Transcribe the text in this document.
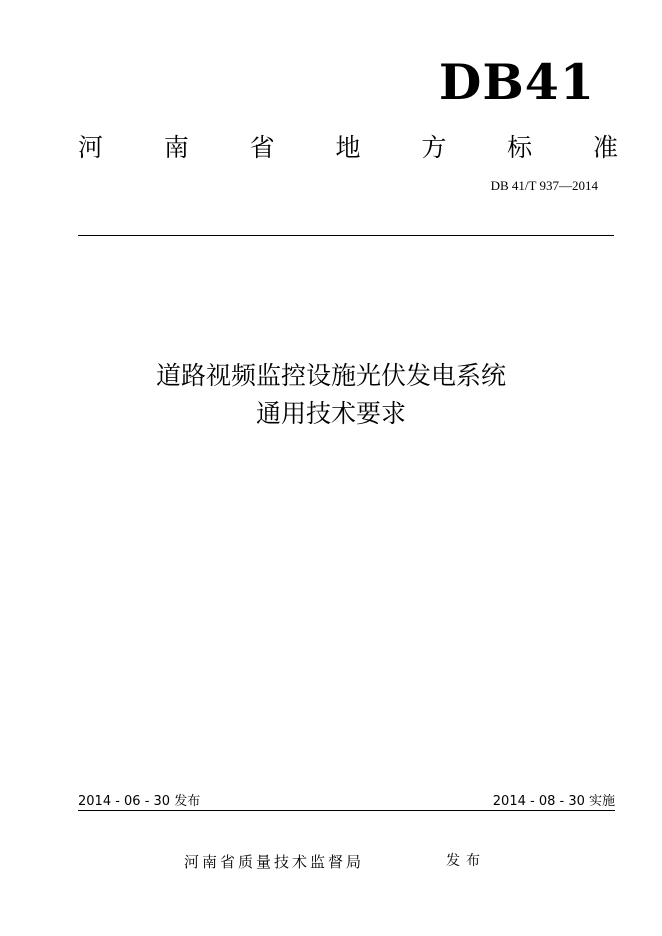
DB41
河 南 省 地 方 标 准
DB 41/T 937—2014
道路视频监控设施光伏发电系统
通用技术要求
2014 - 06 - 30 发布	2014 - 08 - 30 实施
河南省质量技术监督局	发布
